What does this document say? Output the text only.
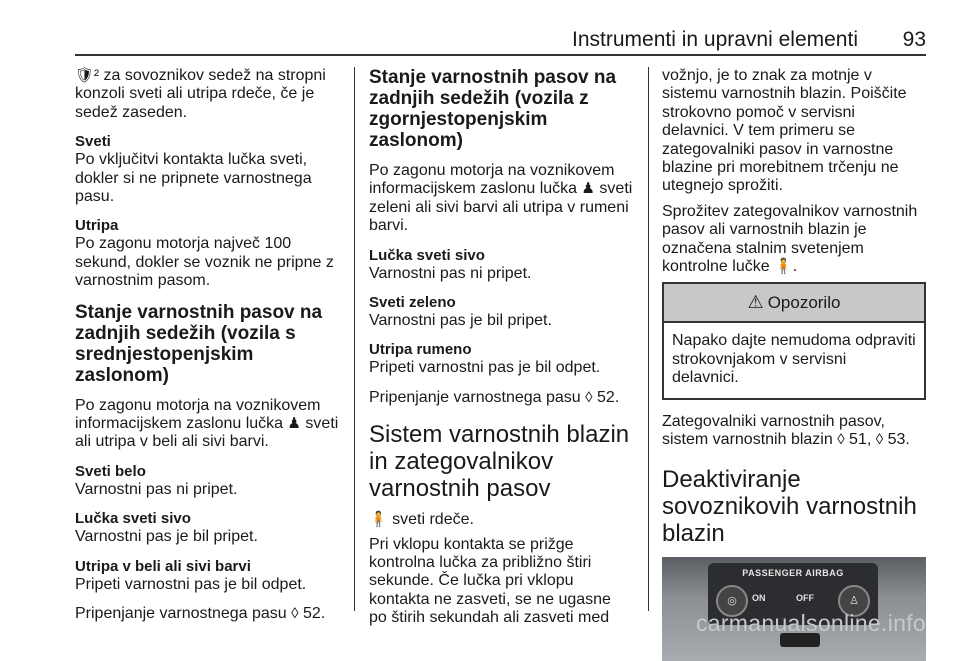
Instrumenti in upravni elementi 93

🛡² za sovoznikov sedež na stropni konzoli sveti ali utripa rdeče, če je sedež zaseden.

Sveti

Po vključitvi kontakta lučka sveti, dokler si ne pripnete varnostnega pasu.

Utripa

Po zagonu motorja največ 100 sekund, dokler se voznik ne pripne z varnostnim pasom.

Stanje varnostnih pasov na zadnjih sedežih (vozila s srednjestopenjskim zaslonom)

Po zagonu motorja na voznikovem informacijskem zaslonu lučka ♟ sveti ali utripa v beli ali sivi barvi.

Sveti belo

Varnostni pas ni pripet.

Lučka sveti sivo

Varnostni pas je bil pripet.

Utripa v beli ali sivi barvi

Pripeti varnostni pas je bil odpet.

Pripenjanje varnostnega pasu ◊ 52.

Stanje varnostnih pasov na zadnjih sedežih (vozila z zgornjestopenjskim zaslonom)

Po zagonu motorja na voznikovem informacijskem zaslonu lučka ♟ sveti zeleni ali sivi barvi ali utripa v rumeni barvi.

Lučka sveti sivo

Varnostni pas ni pripet.

Sveti zeleno

Varnostni pas je bil pripet.

Utripa rumeno

Pripeti varnostni pas je bil odpet.

Pripenjanje varnostnega pasu ◊ 52.

Sistem varnostnih blazin in zategovalnikov varnostnih pasov

🧍 sveti rdeče.

Pri vklopu kontakta se prižge kontrolna lučka za približno štiri sekunde. Če lučka pri vklopu kontakta ne zasveti, se ne ugasne po štirih sekundah ali zasveti med

vožnjo, je to znak za motnje v sistemu varnostnih blazin. Poiščite strokovno pomoč v servisni delavnici. V tem primeru se zategovalniki pasov in varnostne blazine pri morebitnem trčenju ne utegnejo sprožiti.

Sprožitev zategovalnikov varnostnih pasov ali varnostnih blazin je označena stalnim svetenjem kontrolne lučke 🧍.

⚠ Opozorilo
Napako dajte nemudoma odpraviti strokovnjakom v servisni delavnici.

Zategovalniki varnostnih pasov,

sistem varnostnih blazin ◊ 51, ◊ 53.

Deaktiviranje sovoznikovih varnostnih blazin
PASSENGER AIRBAG
◎	ON	OFF	♙
carmanualsonline.info
